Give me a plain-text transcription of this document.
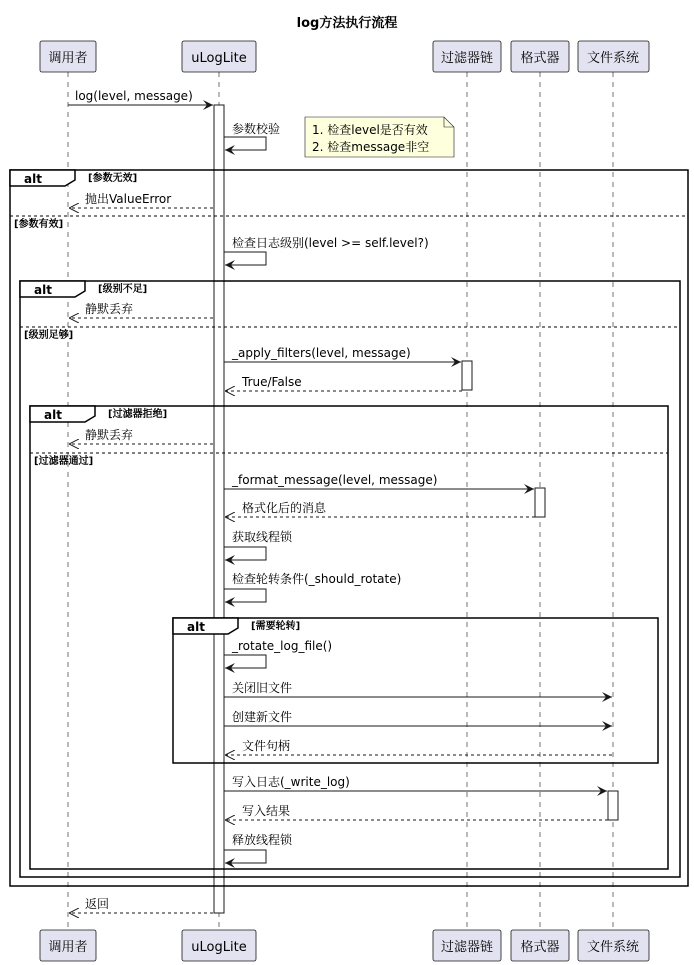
log方法执行流程
调用者	uLogLite	过滤器链 格式器 文件系统
调用者	uLogLite	过滤器链 格式器 文件系统
alt	[参数无效]
[参数有效]
alt	[级别不足]
[级别足够]
alt	[过滤器拒绝]
[过滤器通过]
alt	[需要轮转]
1. 检查level是否有效
2. 检查message非空
log(level, message)
参数校验
抛出ValueError
检查日志级别(level >= self.level?)
静默丢弃
_apply_filters(level, message)
True/False
静默丢弃
_format_message(level, message)
格式化后的消息
获取线程锁
检查轮转条件(_should_rotate)
_rotate_log_file()
关闭旧文件
创建新文件
文件句柄
写入日志(_write_log)
写入结果
释放线程锁
返回
